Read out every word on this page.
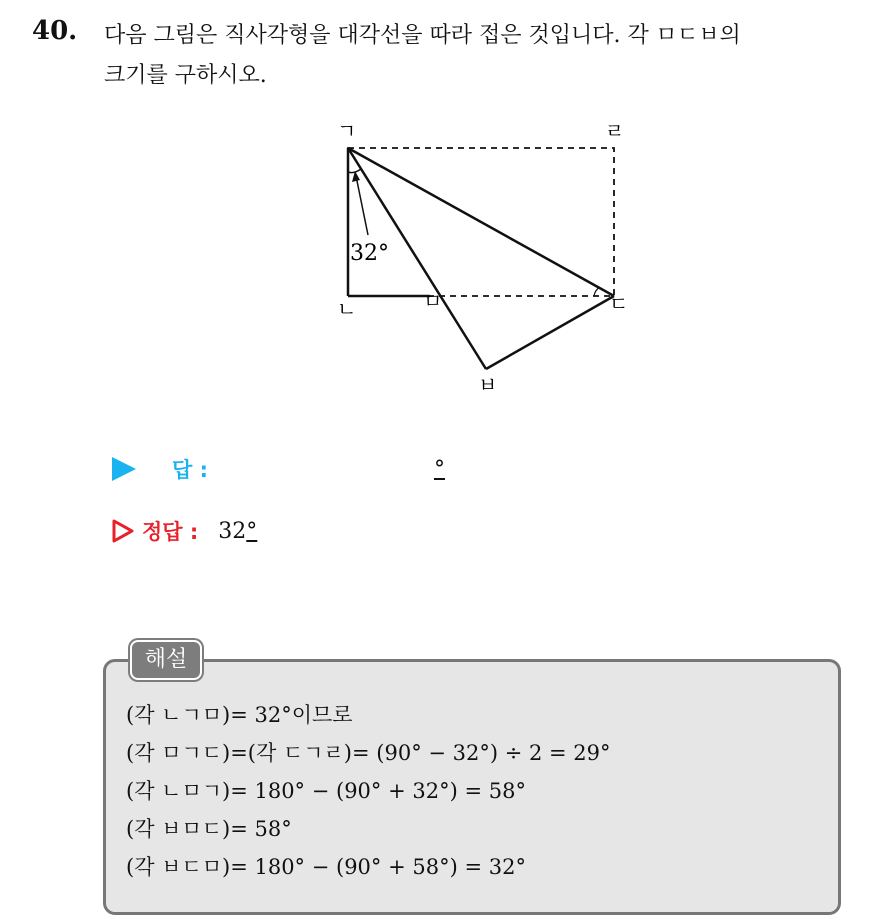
40. 다음 그림은 직사각형을 대각선을 따라 접은 것입니다. 각 ㅁㄷㅂ의
크기를 구하시오.
32°
ㄱ	ㄹ
ㄴ	ㅁ	ㄷ
ㅂ
답 :	°
정답 : 32 °
해설
(각 ㄴㄱㅁ)= 32°이므로
(각 ㅁㄱㄷ)=(각 ㄷㄱㄹ)= (90° − 32°) ÷ 2 = 29°
(각 ㄴㅁㄱ)= 180° − (90° + 32°) = 58°
(각 ㅂㅁㄷ)= 58°
(각 ㅂㄷㅁ)= 180° − (90° + 58°) = 32°
